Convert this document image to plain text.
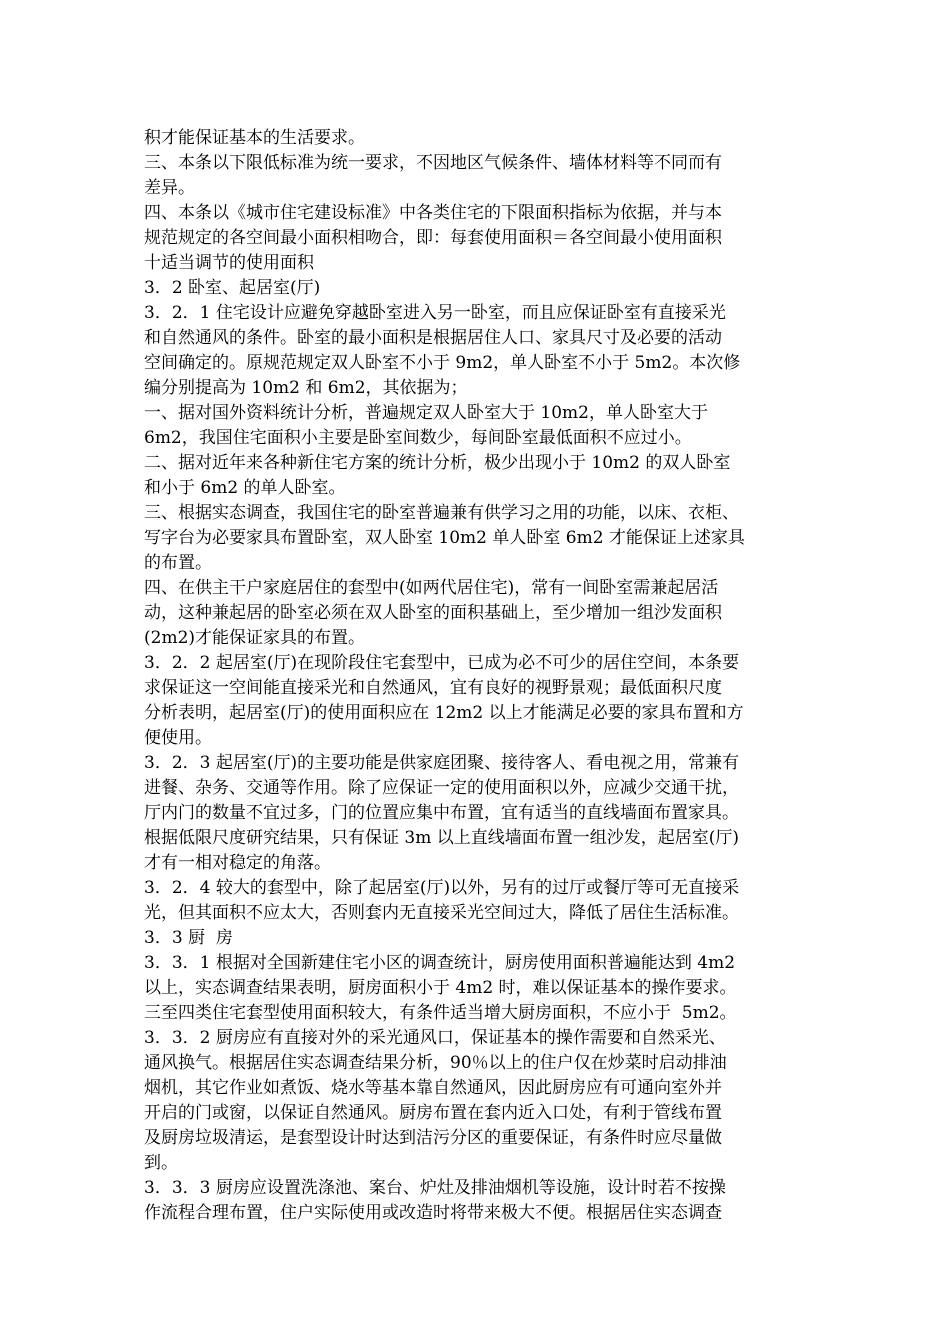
积才能保证基本的生活要求。
三、本条以下限低标准为统一要求，不因地区气候条件、墙体材料等不同而有
差异。
四、本条以《城市住宅建设标准》中各类住宅的下限面积指标为依据，并与本
规范规定的各空间最小面积相吻合，即：每套使用面积＝各空间最小使用面积
十适当调节的使用面积
3．2 卧室、起居室(厅)
3．2．1 住宅设计应避免穿越卧室进入另一卧室，而且应保证卧室有直接采光
和自然通风的条件。卧室的最小面积是根据居住人口、家具尺寸及必要的活动
空间确定的。原规范规定双人卧室不小于 9m2，单人卧室不小于 5m2。本次修
编分别提高为 10m2 和 6m2，其依据为；
一、据对国外资料统计分析，普遍规定双人卧室大于 10m2，单人卧室大于
6m2，我国住宅面积小主要是卧室间数少，每间卧室最低面积不应过小。
二、据对近年来各种新住宅方案的统计分析，极少出现小于 10m2 的双人卧室
和小于 6m2 的单人卧室。
三、根据实态调查，我国住宅的卧室普遍兼有供学习之用的功能，以床、衣柜、
写字台为必要家具布置卧室，双人卧室 10m2 单人卧室 6m2 才能保证上述家具
的布置。
四、在供主干户家庭居住的套型中(如两代居住宅)，常有一间卧室需兼起居活
动，这种兼起居的卧室必须在双人卧室的面积基础上，至少增加一组沙发面积
(2m2)才能保证家具的布置。
3．2．2 起居室(厅)在现阶段住宅套型中，已成为必不可少的居住空间，本条要
求保证这一空间能直接采光和自然通风，宜有良好的视野景观；最低面积尺度
分析表明，起居室(厅)的使用面积应在 12m2 以上才能满足必要的家具布置和方
便使用。
3．2．3 起居室(厅)的主要功能是供家庭团聚、接待客人、看电视之用，常兼有
进餐、杂务、交通等作用。除了应保证一定的使用面积以外，应减少交通干扰，
厅内门的数量不宜过多，门的位置应集中布置，宜有适当的直线墙面布置家具。
根据低限尺度研究结果，只有保证 3m 以上直线墙面布置一组沙发，起居室(厅)
才有一相对稳定的角落。
3．2．4 较大的套型中，除了起居室(厅)以外，另有的过厅或餐厅等可无直接采
光，但其面积不应太大，否则套内无直接采光空间过大，降低了居住生活标准。
3．3 厨  房
3．3．1 根据对全国新建住宅小区的调查统计，厨房使用面积普遍能达到 4m2
以上，实态调查结果表明，厨房面积小于 4m2 时，难以保证基本的操作要求。
三至四类住宅套型使用面积较大，有条件适当增大厨房面积，不应小于  5m2。
3．3．2 厨房应有直接对外的采光通风口，保证基本的操作需要和自然采光、
通风换气。根据居住实态调查结果分析，90％以上的住户仅在炒菜时启动排油
烟机，其它作业如煮饭、烧水等基本靠自然通风，因此厨房应有可通向室外并
开启的门或窗，以保证自然通风。厨房布置在套内近入口处，有利于管线布置
及厨房垃圾清运，是套型设计时达到洁污分区的重要保证，有条件时应尽量做
到。
3．3．3 厨房应设置洗涤池、案台、炉灶及排油烟机等设施，设计时若不按操
作流程合理布置，住户实际使用或改造时将带来极大不便。根据居住实态调查
